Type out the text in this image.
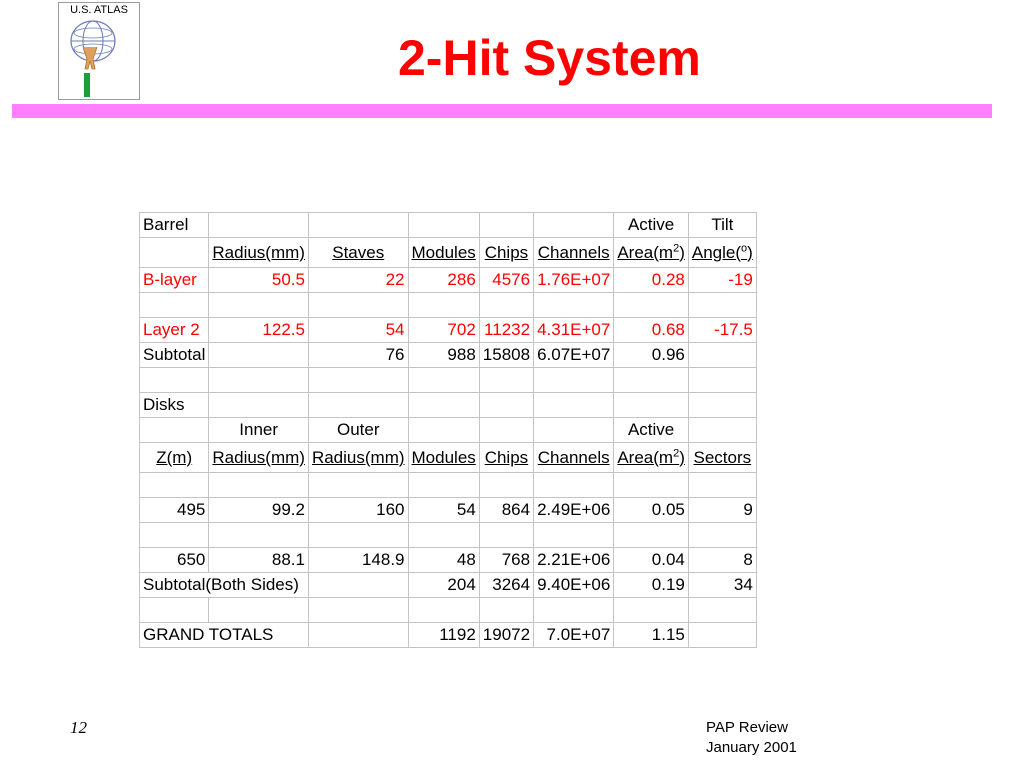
U.S. ATLAS
2-Hit System
Barrel						Active	Tilt
	Radius(mm)	Staves	Modules	Chips	Channels	$Area(m^2)$	Angle($^o$)
B-layer	50.5	22	286	4576	1.76E+07	0.28	-19

Layer 2	122.5	54	702	11232	4.31E+07	0.68	-17.5
Subtotal		76	988	15808	6.07E+07	0.96	

Disks							
	Inner	Outer				Active	
Z(m)	Radius(mm)	Radius(mm)	Modules	Chips	Channels	$Area(m^2)$	Sectors

495	99.2	160	54	864	2.49E+06	0.05	9

650	88.1	148.9	48	768	2.21E+06	0.04	8
Subtotal(Both Sides)			204	3264	9.40E+06	0.19	34

GRAND TOTALS			1192	19072	7.0E+07	1.15	
12	PAP Review
January 2001
